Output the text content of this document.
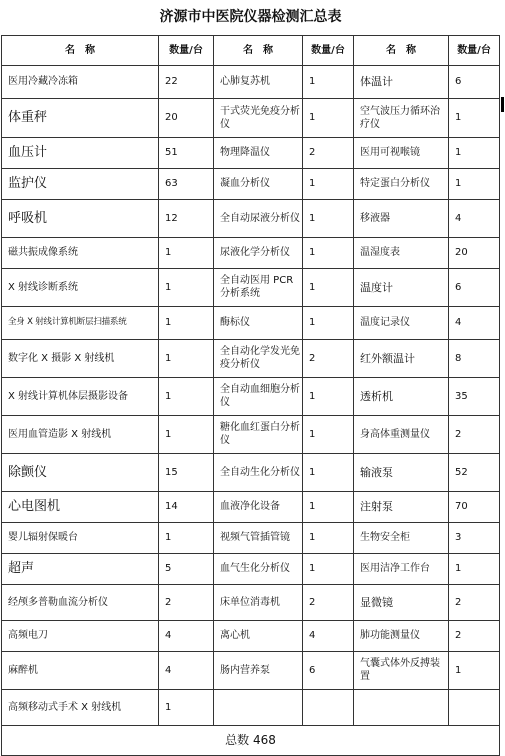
济源市中医院仪器检测汇总表					
名　称	数量/台	名　称	数量/台	名　称	数量/台
医用冷藏冷冻箱	22	心肺复苏机	1	体温计	6
体重秤	20	干式荧光免疫分析仪	1	空气波压力循环治疗仪	1
血压计	51	物理降温仪	2	医用可视喉镜	1
监护仪	63	凝血分析仪	1	特定蛋白分析仪	1
呼吸机	12	全自动尿液分析仪	1	移液器	4
磁共振成像系统	1	尿液化学分析仪	1	温湿度表	20
X 射线诊断系统	1	全自动医用 PCR 分析系统	1	温度计	6
全身 X 射线计算机断层扫描系统	1	酶标仪	1	温度记录仪	4
数字化 X 摄影 X 射线机	1	全自动化学发光免疫分析仪	2	红外额温计	8
X 射线计算机体层摄影设备	1	全自动血细胞分析仪	1	透析机	35
医用血管造影 X 射线机	1	糖化血红蛋白分析仪	1	身高体重测量仪	2
除颤仪	15	全自动生化分析仪	1	输液泵	52
心电图机	14	血液净化设备	1	注射泵	70
婴儿辐射保暖台	1	视频气管插管镜	1	生物安全柜	3
超声	5	血气生化分析仪	1	医用洁净工作台	1
经颅多普勒血流分析仪	2	床单位消毒机	2	显微镜	2
高频电刀	4	离心机	4	肺功能测量仪	2
麻醉机	4	肠内营养泵	6	气囊式体外反搏装置	1
高频移动式手术 X 射线机	1				
总数 468					
